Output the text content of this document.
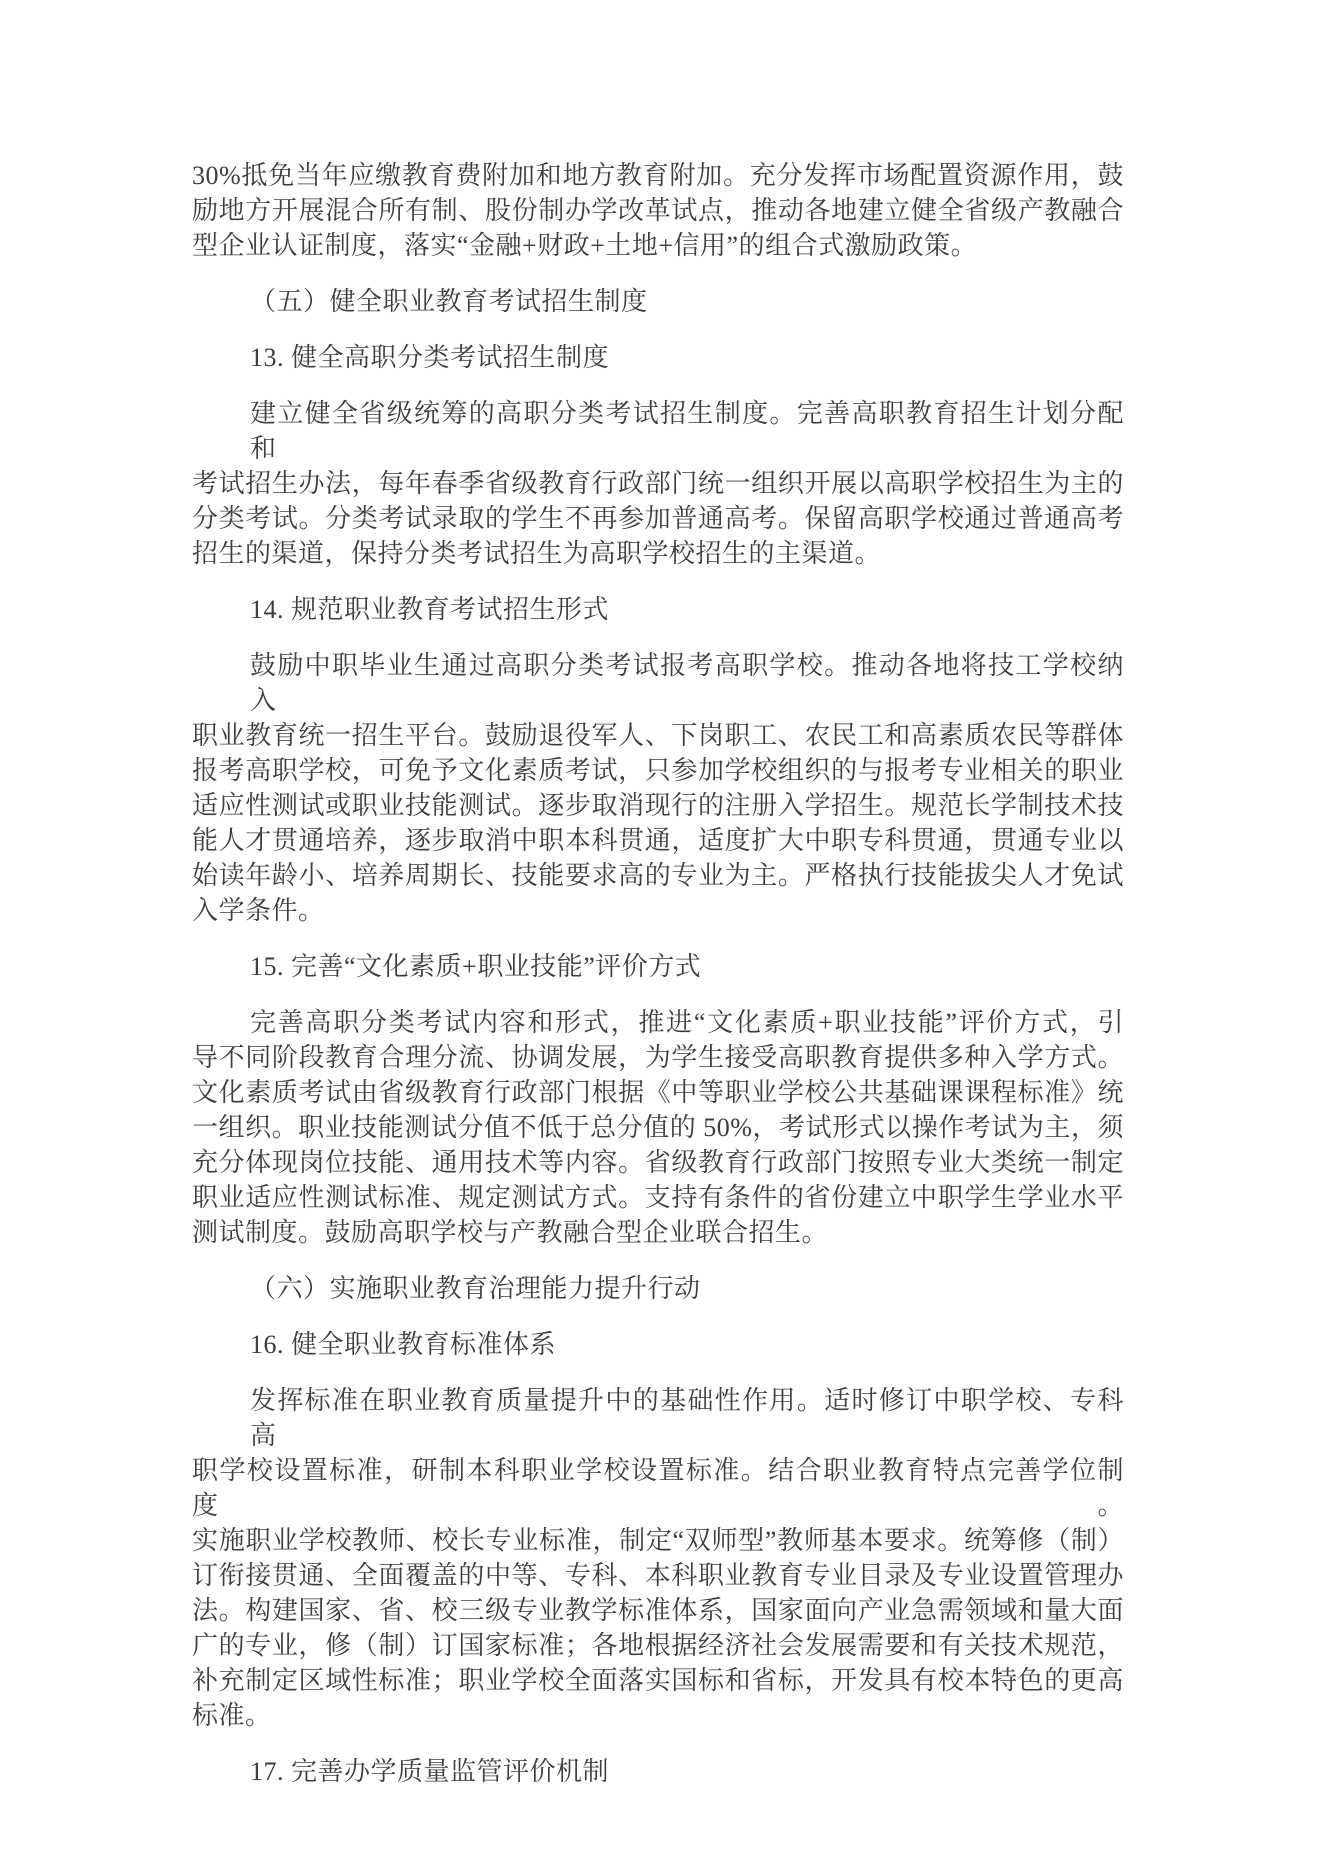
30%抵免当年应缴教育费附加和地方教育附加。充分发挥市场配置资源作用，鼓
励地方开展混合所有制、股份制办学改革试点，推动各地建立健全省级产教融合
型企业认证制度，落实“金融+财政+土地+信用”的组合式激励政策。
（五）健全职业教育考试招生制度
13. 健全高职分类考试招生制度
建立健全省级统筹的高职分类考试招生制度。完善高职教育招生计划分配和
考试招生办法，每年春季省级教育行政部门统一组织开展以高职学校招生为主的
分类考试。分类考试录取的学生不再参加普通高考。保留高职学校通过普通高考
招生的渠道，保持分类考试招生为高职学校招生的主渠道。
14. 规范职业教育考试招生形式
鼓励中职毕业生通过高职分类考试报考高职学校。推动各地将技工学校纳入
职业教育统一招生平台。鼓励退役军人、下岗职工、农民工和高素质农民等群体
报考高职学校，可免予文化素质考试，只参加学校组织的与报考专业相关的职业
适应性测试或职业技能测试。逐步取消现行的注册入学招生。规范长学制技术技
能人才贯通培养，逐步取消中职本科贯通，适度扩大中职专科贯通，贯通专业以
始读年龄小、培养周期长、技能要求高的专业为主。严格执行技能拔尖人才免试
入学条件。
15. 完善“文化素质+职业技能”评价方式
完善高职分类考试内容和形式，推进“文化素质+职业技能”评价方式，引
导不同阶段教育合理分流、协调发展，为学生接受高职教育提供多种入学方式。
文化素质考试由省级教育行政部门根据《中等职业学校公共基础课课程标准》统
一组织。职业技能测试分值不低于总分值的 50%，考试形式以操作考试为主，须
充分体现岗位技能、通用技术等内容。省级教育行政部门按照专业大类统一制定
职业适应性测试标准、规定测试方式。支持有条件的省份建立中职学生学业水平
测试制度。鼓励高职学校与产教融合型企业联合招生。
（六）实施职业教育治理能力提升行动
16. 健全职业教育标准体系
发挥标准在职业教育质量提升中的基础性作用。适时修订中职学校、专科高
职学校设置标准，研制本科职业学校设置标准。结合职业教育特点完善学位制度。
实施职业学校教师、校长专业标准，制定“双师型”教师基本要求。统筹修（制）
订衔接贯通、全面覆盖的中等、专科、本科职业教育专业目录及专业设置管理办
法。构建国家、省、校三级专业教学标准体系，国家面向产业急需领域和量大面
广的专业，修（制）订国家标准；各地根据经济社会发展需要和有关技术规范，
补充制定区域性标准；职业学校全面落实国标和省标，开发具有校本特色的更高
标准。
17. 完善办学质量监管评价机制
